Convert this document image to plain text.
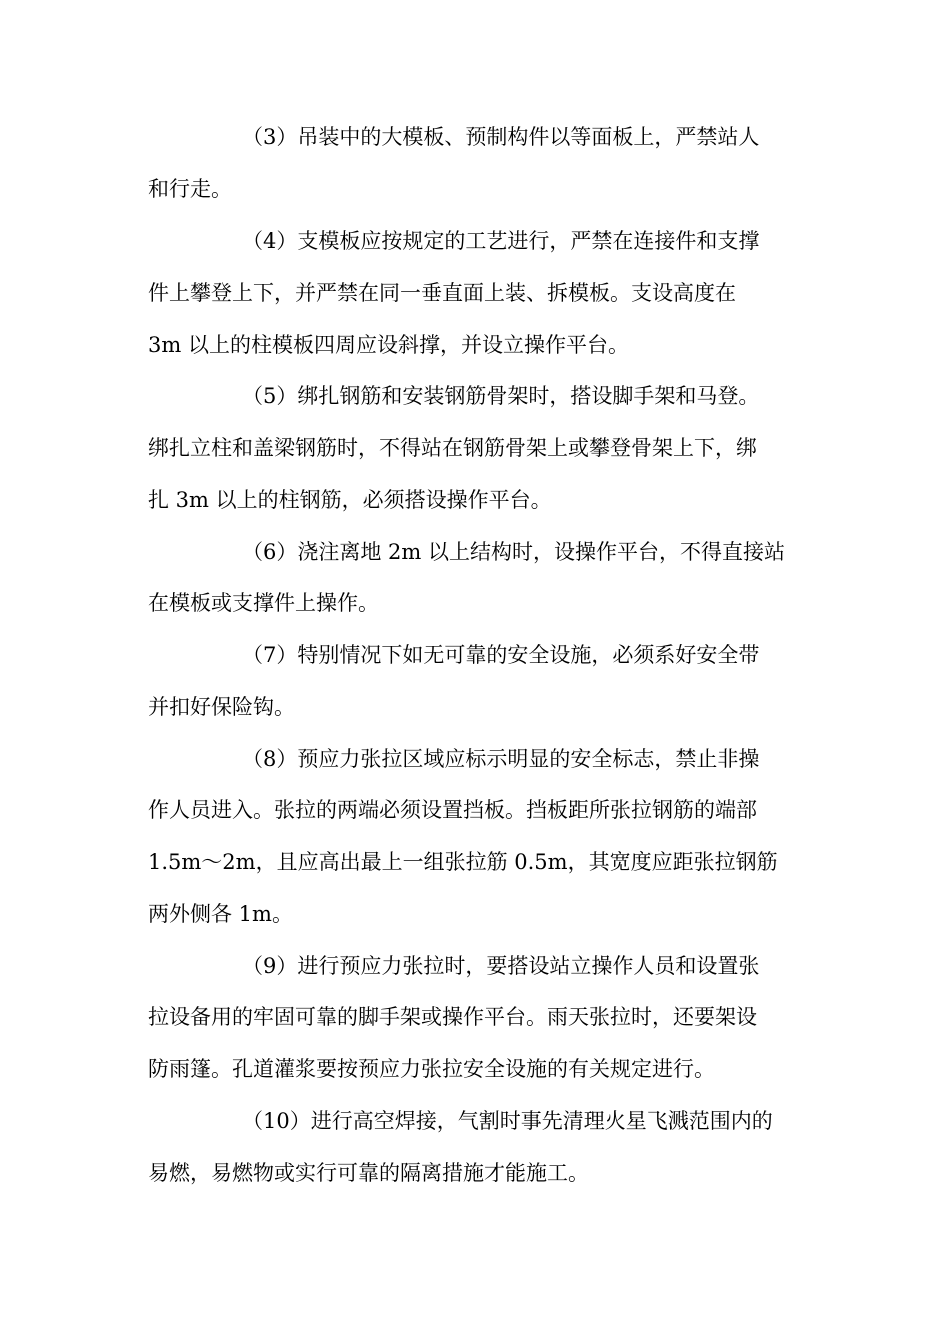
（3）吊装中的大模板、预制构件以等面板上，严禁站人
和行走。
（4）支模板应按规定的工艺进行，严禁在连接件和支撑
件上攀登上下，并严禁在同一垂直面上装、拆模板。支设高度在
3m 以上的柱模板四周应设斜撑，并设立操作平台。
（5）绑扎钢筋和安装钢筋骨架时，搭设脚手架和马登。
绑扎立柱和盖梁钢筋时，不得站在钢筋骨架上或攀登骨架上下，绑
扎 3m 以上的柱钢筋，必须搭设操作平台。
（6）浇注离地 2m 以上结构时，设操作平台，不得直接站
在模板或支撑件上操作。
（7）特别情况下如无可靠的安全设施，必须系好安全带
并扣好保险钩。
（8）预应力张拉区域应标示明显的安全标志，禁止非操
作人员进入。张拉的两端必须设置挡板。挡板距所张拉钢筋的端部
1.5m～2m，且应高出最上一组张拉筋 0.5m，其宽度应距张拉钢筋
两外侧各 1m。
（9）进行预应力张拉时，要搭设站立操作人员和设置张
拉设备用的牢固可靠的脚手架或操作平台。雨天张拉时，还要架设
防雨篷。孔道灌浆要按预应力张拉安全设施的有关规定进行。
（10）进行高空焊接，气割时事先清理火星飞溅范围内的
易燃，易燃物或实行可靠的隔离措施才能施工。
